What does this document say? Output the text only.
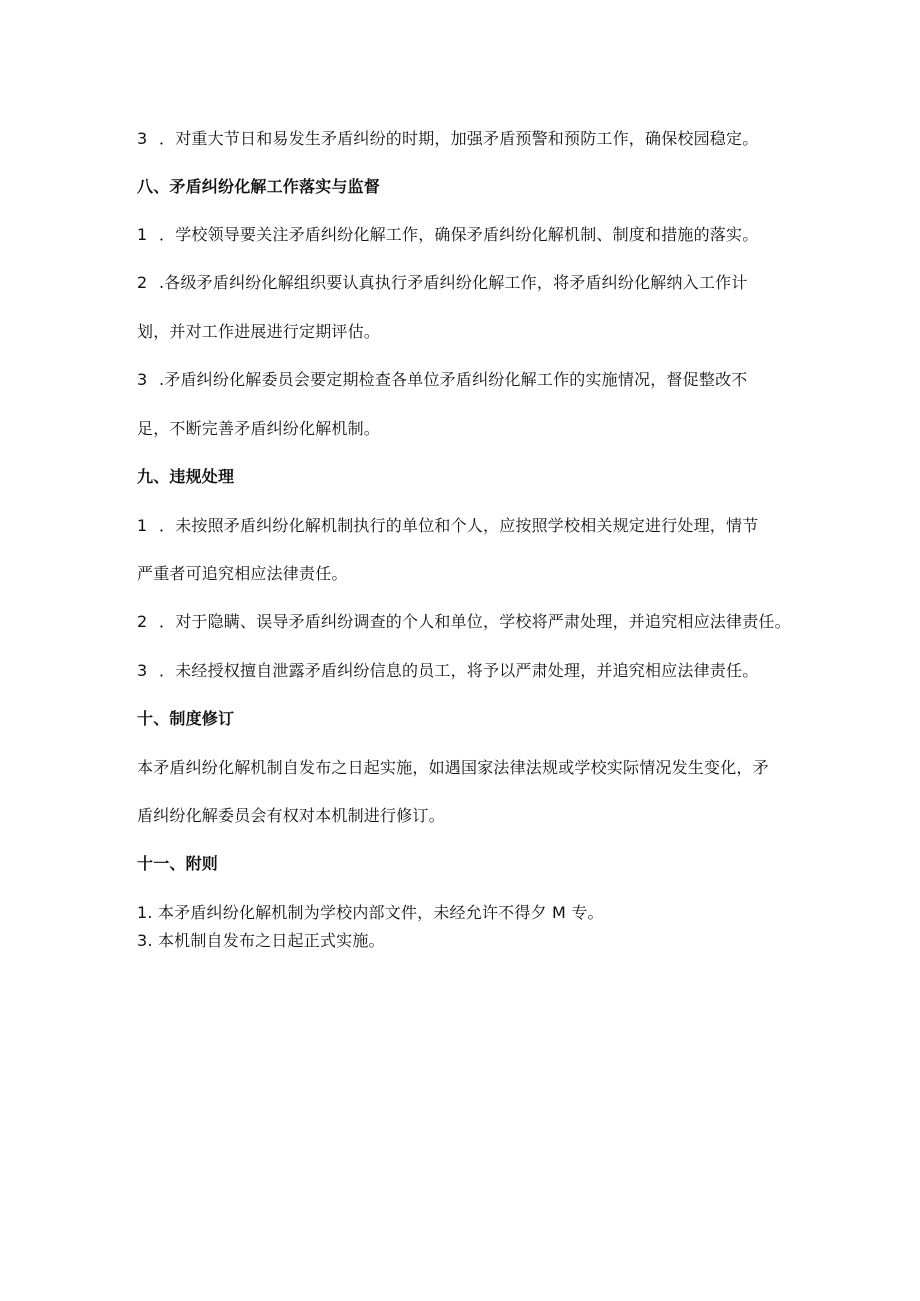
3 ．对重大节日和易发生矛盾纠纷的时期，加强矛盾预警和预防工作，确保校园稳定。
八、矛盾纠纷化解工作落实与监督
1 ．学校领导要关注矛盾纠纷化解工作，确保矛盾纠纷化解机制、制度和措施的落实。
2 .各级矛盾纠纷化解组织要认真执行矛盾纠纷化解工作，将矛盾纠纷化解纳入工作计
划，并对工作进展进行定期评估。
3 .矛盾纠纷化解委员会要定期检查各单位矛盾纠纷化解工作的实施情况，督促整改不
足，不断完善矛盾纠纷化解机制。
九、违规处理
1 ．未按照矛盾纠纷化解机制执行的单位和个人，应按照学校相关规定进行处理，情节
严重者可追究相应法律责任。
2 ．对于隐瞒、误导矛盾纠纷调查的个人和单位，学校将严肃处理，并追究相应法律责任。
3 ．未经授权擅自泄露矛盾纠纷信息的员工，将予以严肃处理，并追究相应法律责任。
十、制度修订
本矛盾纠纷化解机制自发布之日起实施，如遇国家法律法规或学校实际情况发生变化，矛
盾纠纷化解委员会有权对本机制进行修订。
十一、附则
1. 本矛盾纠纷化解机制为学校内部文件，未经允许不得夕 M 专。
3. 本机制自发布之日起正式实施。
